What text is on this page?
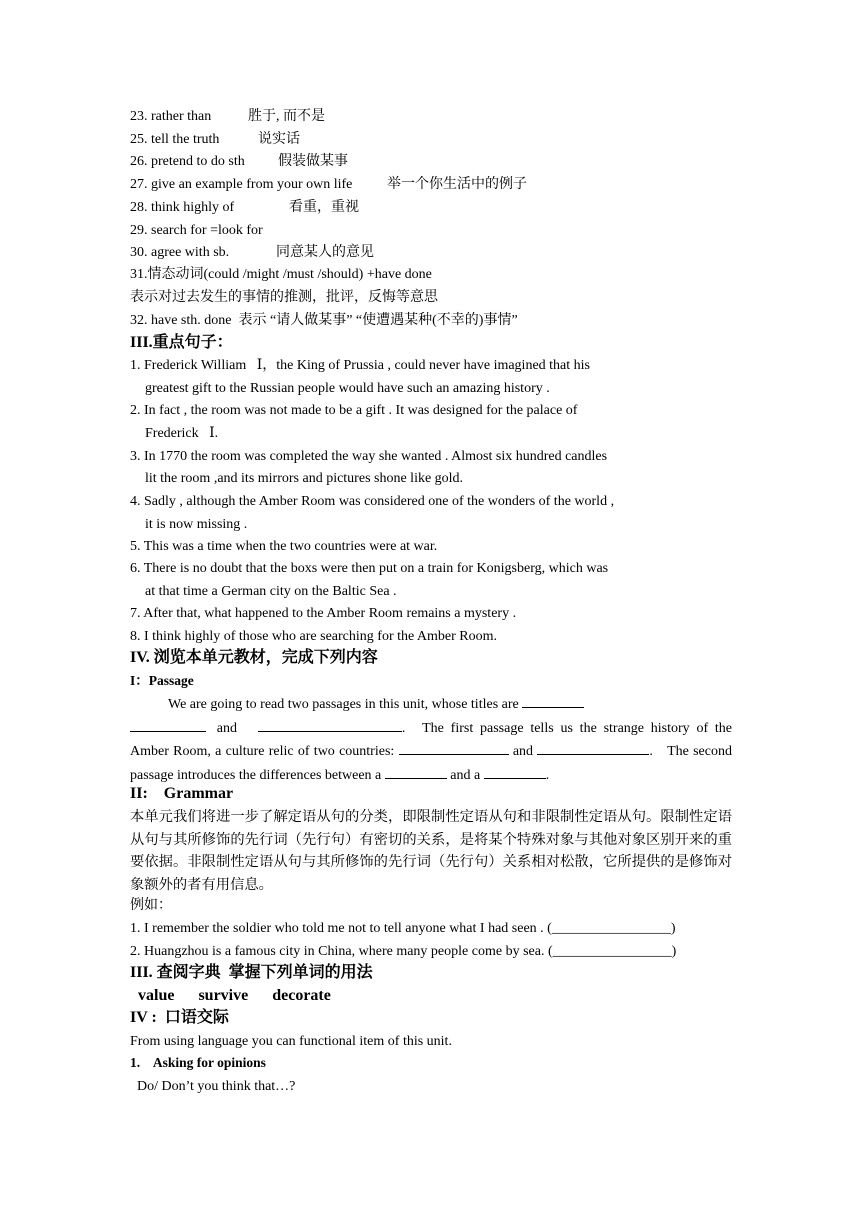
23. rather than	胜于, 而不是
25. tell the truth	说实话
26. pretend to do sth 假装做某事
27. give an example from your own life 举一个你生活中的例子
28. think highly of	看重，重视
29. search for =look for
30. agree with sb.	同意某人的意见
31.情态动词(could /might /must /should) +have done
表示对过去发生的事情的推测，批评，反悔等意思
32. have sth. done  表示 “请人做某事” “使遭遇某种(不幸的)事情”
III.重点句子：
1. Frederick William   Ⅰ，the King of Prussia , could never have imagined that his
greatest gift to the Russian people would have such an amazing history .
2. In fact , the room was not made to be a gift . It was designed for the palace of
Frederick   Ⅰ.
3. In 1770 the room was completed the way she wanted . Almost six hundred candles
lit the room ,and its mirrors and pictures shone like gold.
4. Sadly , although the Amber Room was considered one of the wonders of the world ,
it is now missing .
5. This was a time when the two countries were at war.
6. There is no doubt that the boxs were then put on a train for Konigsberg, which was
at that time a German city on the Baltic Sea .
7. After that, what happened to the Amber Room remains a mystery .
8. I think highly of those who are searching for the Amber Room.
IV. 浏览本单元教材，完成下列内容
I：Passage
We are going to read two passages in this unit, whose titles are
and	. The first passage tells us the strange history of the Amber Room, a culture relic of two countries:	and	. The second passage introduces the differences between a	and a	.
II:    Grammar
本单元我们将进一步了解定语从句的分类，即限制性定语从句和非限制性定语从句。限制性定语从句与其所修饰的先行词（先行句）有密切的关系，是将某个特殊对象与其他对象区别开来的重要依据。非限制性定语从句与其所修饰的先行词（先行句）关系相对松散，它所提供的是修饰对象额外的者有用信息。
例如：
1. I remember the soldier who told me not to tell anyone what I had seen . (_________________)
2. Huangzhou is a famous city in China, where many people come by sea. (_________________)
III. 查阅字典  掌握下列单词的用法
value      survive      decorate
IV :  口语交际
From using language you can functional item of this unit.
1.    Asking for opinions
Do/ Don’t you think that…?
